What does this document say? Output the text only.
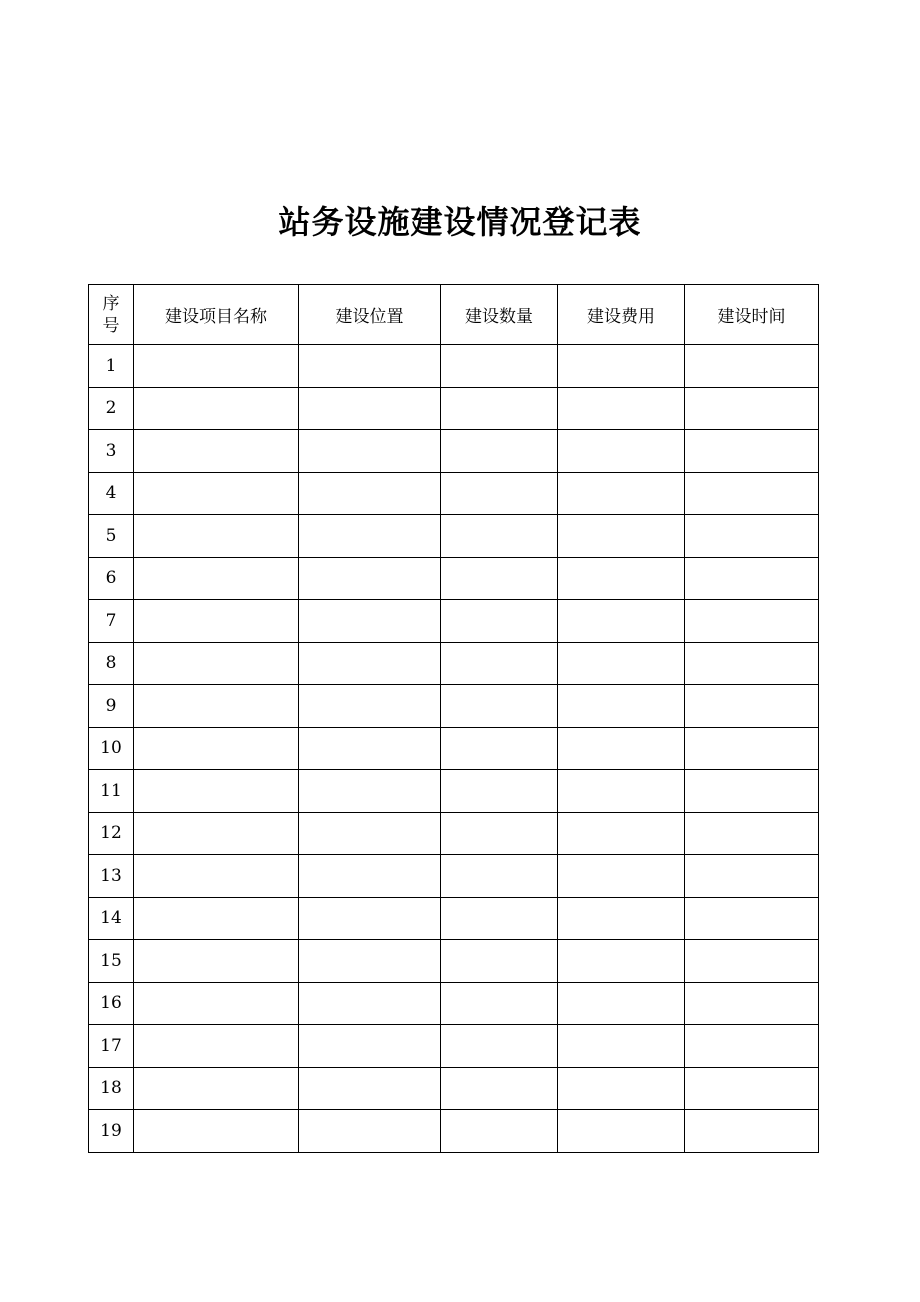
站务设施建设情况登记表
序
号	建设项目名称	建设位置	建设数量	建设费用	建设时间
1					
2					
3					
4					
5					
6					
7					
8					
9					
10					
11					
12					
13					
14					
15					
16					
17					
18					
19					
